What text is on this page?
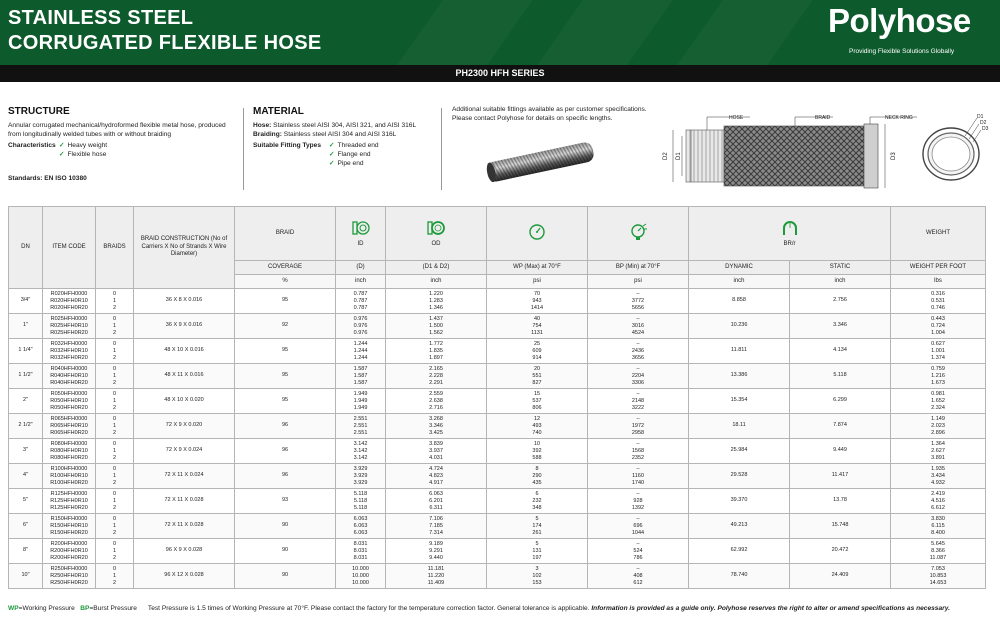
STAINLESS STEEL
CORRUGATED FLEXIBLE HOSE
Polyhose
Providing Flexible Solutions Globally
PH2300 HFH SERIES
STRUCTURE
Annular corrugated mechanical/hydroformed flexible metal hose, produced from longitudinally welded tubes with or without braiding
Characteristics ✓ Heavy weight
✓ Flexible hose
Standards: EN ISO 10380
MATERIAL
Hose: Stainless steel AISI 304, AISI 321, and AISI 316L
Braiding: Stainless steel AISI 304 and AISI 316L
Suitable Fitting Types ✓ Threaded end
✓ Flange end
✓ Pipe end
Additional suitable fittings available as per customer specifications.
Please contact Polyhose for details on specific lengths.	HOSE	BRAID	NECK RING
D2 D1	D3
D1
D2
D3
DN	ITEM CODE	BRAIDS	BRAID CONSTRUCTION (No of Carriers X No of Strands X Wire Diameter)	BRAID	ID	OD			BR/r		WEIGHT
				COVERAGE	(D)	(D1 & D2)	WP (Max) at 70°F	BP (Min) at 70°F	DYNAMIC	STATIC	WEIGHT PER FOOT
				%	inch	inch	psi	psi	inch	inch	lbs
3/4"	R020HFH0000
R020HFH0R10
R020HFH0R20	0
1
2	36 X 8 X 0.016	95	0.787
0.787
0.787	1.220
1.283
1.346	70
943
1414	–
3772
5656	8.858	2.756	0.316
0.531
0.746

1"	R025HFH0000
R025HFH0R10
R025HFH0R20	0
1
2	36 X 9 X 0.016	92	0.976
0.976
0.976	1.437
1.500
1.562	40
754
1131	–
3016
4524	10.236	3.346	0.443
0.724
1.004

1 1/4"	R032HFH0000
R032HFH0R10
R032HFH0R20	0
1
2	48 X 10 X 0.016	95	1.244
1.244
1.244	1.772
1.835
1.897	25
609
914	–
2436
3656	11.811	4.134	0.627
1.001
1.374

1 1/2"	R040HFH0000
R040HFH0R10
R040HFH0R20	0
1
2	48 X 11 X 0.016	95	1.587
1.587
1.587	2.165
2.228
2.291	20
551
827	–
2204
3306	13.386	5.118	0.759
1.216
1.673

2"	R050HFH0000
R050HFH0R10
R050HFH0R20	0
1
2	48 X 10 X 0.020	95	1.949
1.949
1.949	2.559
2.638
2.716	15
537
806	–
2148
3222	15.354	6.299	0.981
1.652
2.324

2 1/2"	R065HFH0000
R065HFH0R10
R065HFH0R20	0
1
2	72 X 9 X 0.020	96	2.551
2.551
2.551	3.268
3.346
3.425	12
493
740	–
1972
2958	18.11	7.874	1.149
2.023
2.896

3"	R080HFH0000
R080HFH0R10
R080HFH0R20	0
1
2	72 X 9 X 0.024	96	3.142
3.142
3.142	3.839
3.937
4.031	10
392
588	–
1568
2352	25.984	9.449	1.364
2.627
3.891

4"	R100HFH0000
R100HFH0R10
R100HFH0R20	0
1
2	72 X 11 X 0.024	96	3.929
3.929
3.929	4.724
4.823
4.917	8
290
435	–
1160
1740	29.528	11.417	1.935
3.434
4.932

5"	R125HFH0000
R125HFH0R10
R125HFH0R20	0
1
2	72 X 11 X 0.028	93	5.118
5.118
5.118	6.063
6.201
6.311	6
232
348	–
928
1392	39.370	13.78	2.419
4.516
6.612

6"	R150HFH0000
R150HFH0R10
R150HFH0R20	0
1
2	72 X 11 X 0.028	90	6.063
6.063
6.063	7.106
7.185
7.314	5
174
261	–
696
1044	49.213	15.748	3.830
6.115
8.400

8"	R200HFH0000
R200HFH0R10
R200HFH0R20	0
1
2	96 X 9 X 0.028	90	8.031
8.031
8.031	9.189
9.291
9.440	5
131
197	–
524
786	62.992	20.472	5.645
8.366
11.087

10"	R250HFH0000
R250HFH0R10
R250HFH0R20	0
1
2	96 X 12 X 0.028	90	10.000
10.000
10.000	11.181
11.220
11.409	3
102
153	–
408
612	78.740	24.409	7.053
10.853
14.653
WP=Working Pressure BP=Burst Pressure Test Pressure is 1.5 times of Working Pressure at 70°F. Please contact the factory for the temperature correction factor. General tolerance is applicable. Information is provided as a guide only. Polyhose reserves the right to alter or amend specifications as necessary.
